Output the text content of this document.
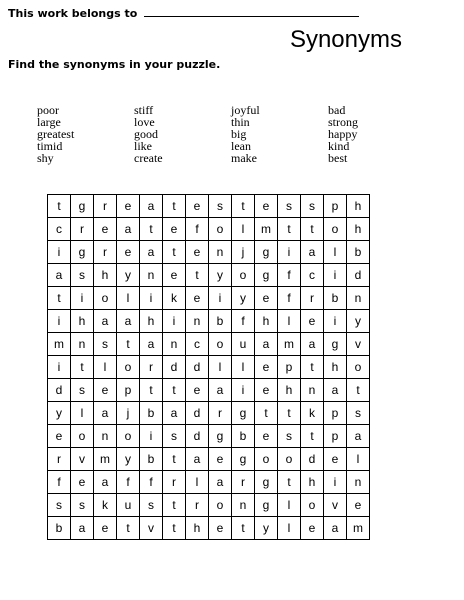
This work belongs to
Synonyms
Find the synonyms in your puzzle.
poor
large
greatest
timid
shy
stiff
love
good
like
create
joyful
thin
big
lean
make
bad
strong
happy
kind
best
t	g	r	e	a	t	e	s	t	e	s	s	p	h
c	r	e	a	t	e	f	o	l	m	t	t	o	h
i	g	r	e	a	t	e	n	j	g	i	a	l	b
a	s	h	y	n	e	t	y	o	g	f	c	i	d
t	i	o	l	i	k	e	i	y	e	f	r	b	n
i	h	a	a	h	i	n	b	f	h	l	e	i	y
m	n	s	t	a	n	c	o	u	a	m	a	g	v
i	t	l	o	r	d	d	l	l	e	p	t	h	o
d	s	e	p	t	t	e	a	i	e	h	n	a	t
y	l	a	j	b	a	d	r	g	t	t	k	p	s
e	o	n	o	i	s	d	g	b	e	s	t	p	a
r	v	m	y	b	t	a	e	g	o	o	d	e	l
f	e	a	f	f	r	l	a	r	g	t	h	i	n
s	s	k	u	s	t	r	o	n	g	l	o	v	e
b	a	e	t	v	t	h	e	t	y	l	e	a	m
